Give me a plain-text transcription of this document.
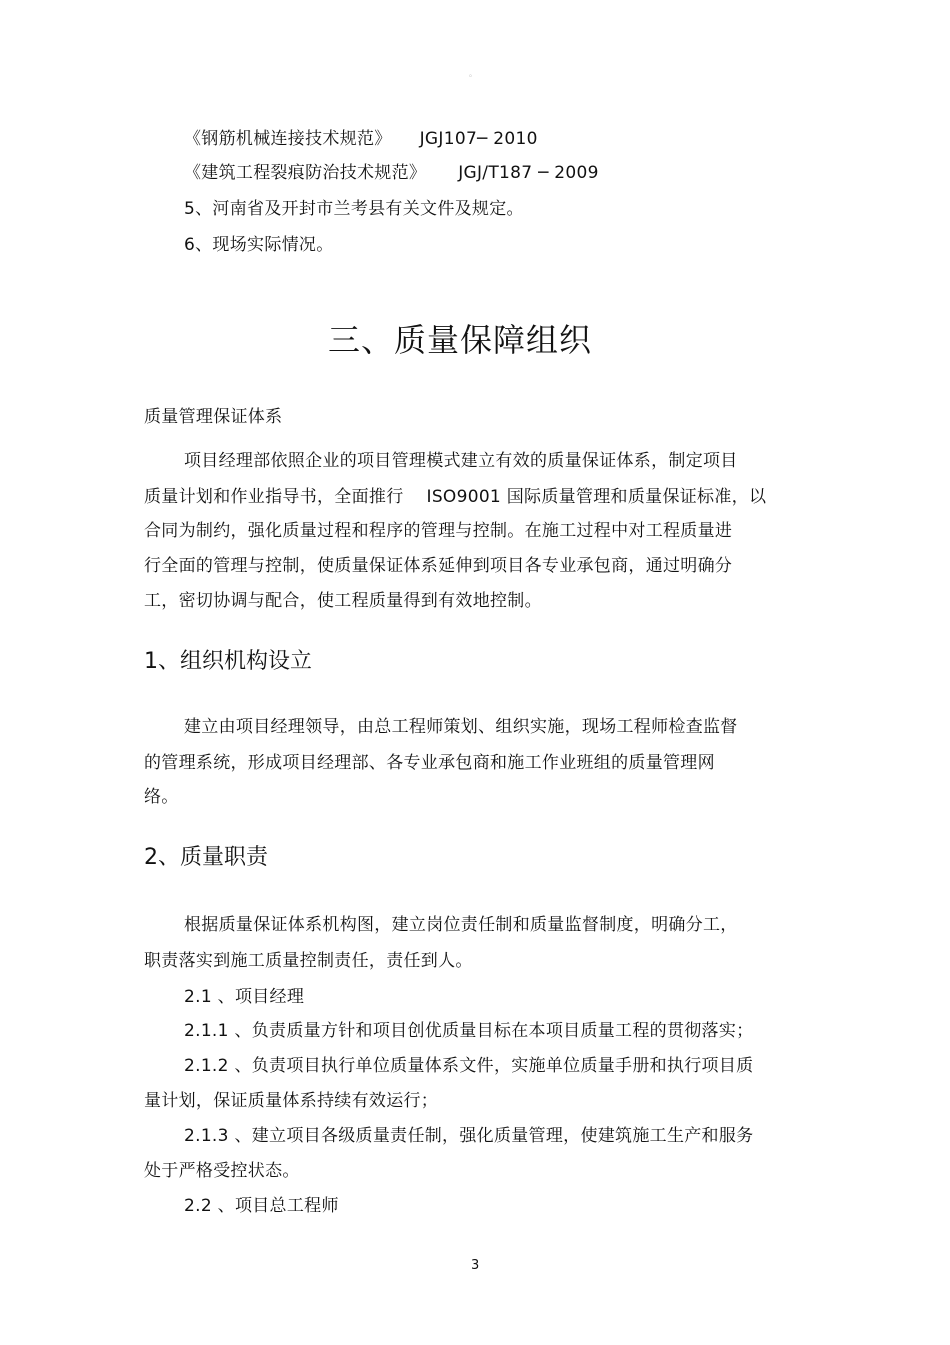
。
《钢筋机械连接技术规范》 JGJ107─ 2010
《建筑工程裂痕防治技术规范》 JGJ/T187 ─ 2009
5、河南省及开封市兰考县有关文件及规定。
6、现场实际情况。
三、质量保障组织
质量管理保证体系
项目经理部依照企业的项目管理模式建立有效的质量保证体系，制定项目
质量计划和作业指导书，全面推行　 ISO9001 国际质量管理和质量保证标准，以
合同为制约，强化质量过程和程序的管理与控制。在施工过程中对工程质量进
行全面的管理与控制，使质量保证体系延伸到项目各专业承包商，通过明确分
工，密切协调与配合，使工程质量得到有效地控制。
1、组织机构设立
建立由项目经理领导，由总工程师策划、组织实施，现场工程师检查监督
的管理系统，形成项目经理部、各专业承包商和施工作业班组的质量管理网
络。
2、质量职责
根据质量保证体系机构图，建立岗位责任制和质量监督制度，明确分工，
职责落实到施工质量控制责任，责任到人。
2.1 、项目经理
2.1.1 、负责质量方针和项目创优质量目标在本项目质量工程的贯彻落实；
2.1.2 、负责项目执行单位质量体系文件，实施单位质量手册和执行项目质
量计划，保证质量体系持续有效运行；
2.1.3 、建立项目各级质量责任制，强化质量管理，使建筑施工生产和服务
处于严格受控状态。
2.2 、项目总工程师
3
